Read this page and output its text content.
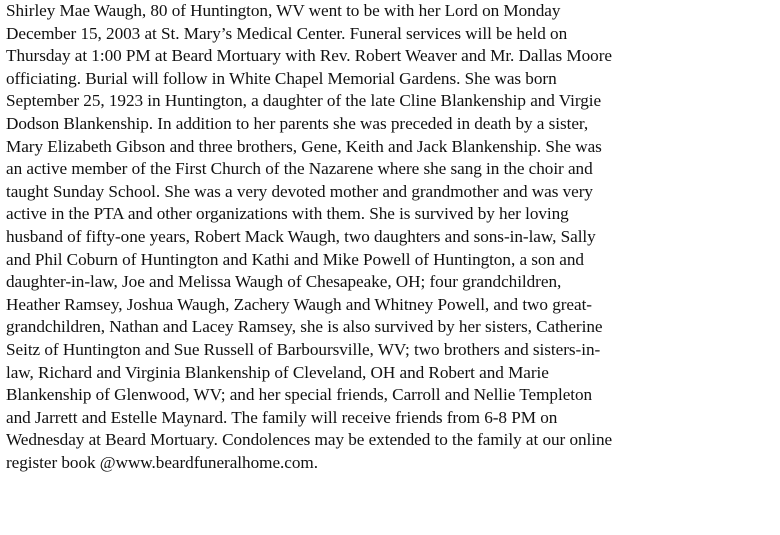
Shirley Mae Waugh, 80 of Huntington, WV went to be with her Lord on Monday
December 15, 2003 at St. Mary’s Medical Center. Funeral services will be held on
Thursday at 1:00 PM at Beard Mortuary with Rev. Robert Weaver and Mr. Dallas Moore
officiating. Burial will follow in White Chapel Memorial Gardens. She was born
September 25, 1923 in Huntington, a daughter of the late Cline Blankenship and Virgie
Dodson Blankenship. In addition to her parents she was preceded in death by a sister,
Mary Elizabeth Gibson and three brothers, Gene, Keith and Jack Blankenship. She was
an active member of the First Church of the Nazarene where she sang in the choir and
taught Sunday School. She was a very devoted mother and grandmother and was very
active in the PTA and other organizations with them. She is survived by her loving
husband of fifty-one years, Robert Mack Waugh, two daughters and sons-in-law, Sally
and Phil Coburn of Huntington and Kathi and Mike Powell of Huntington, a son and
daughter-in-law, Joe and Melissa Waugh of Chesapeake, OH; four grandchildren,
Heather Ramsey, Joshua Waugh, Zachery Waugh and Whitney Powell, and two great-
grandchildren, Nathan and Lacey Ramsey, she is also survived by her sisters, Catherine
Seitz of Huntington and Sue Russell of Barboursville, WV; two brothers and sisters-in-
law, Richard and Virginia Blankenship of Cleveland, OH and Robert and Marie
Blankenship of Glenwood, WV; and her special friends, Carroll and Nellie Templeton
and Jarrett and Estelle Maynard. The family will receive friends from 6-8 PM on
Wednesday at Beard Mortuary. Condolences may be extended to the family at our online
register book @www.beardfuneralhome.com.
